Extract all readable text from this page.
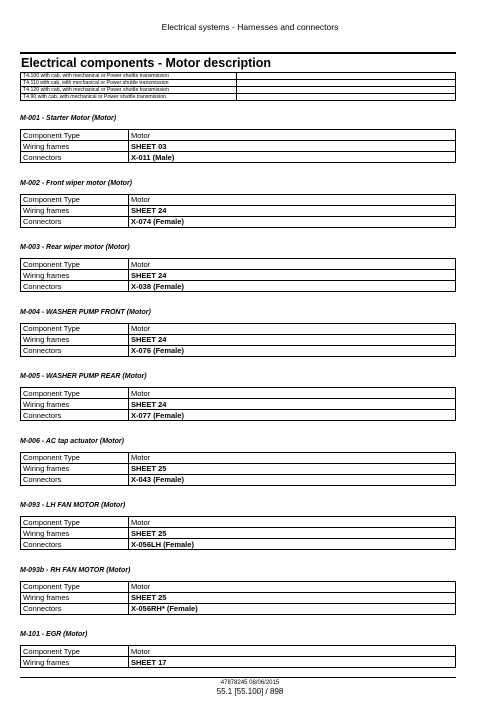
Electrical systems - Harnesses and connectors
Electrical components - Motor description
T4.100 with cab, with mechanical or Power shuttle transmission	
T4.110 with cab, with mechanical or Power shuttle transmission	
T4.120 with cab, with mechanical or Power shuttle transmission	
T4.90 with cab, with mechanical or Power shuttle transmission	
M-001 - Starter Motor (Motor)
Component Type	Motor
Wiring frames	SHEET 03
Connectors	X-011 (Male)
M-002 - Front wiper motor (Motor)
Component Type	Motor
Wiring frames	SHEET 24
Connectors	X-074 (Female)
M-003 - Rear wiper motor (Motor)
Component Type	Motor
Wiring frames	SHEET 24
Connectors	X-038 (Female)
M-004 - WASHER PUMP FRONT (Motor)
Component Type	Motor
Wiring frames	SHEET 24
Connectors	X-076 (Female)
M-005 - WASHER PUMP REAR (Motor)
Component Type	Motor
Wiring frames	SHEET 24
Connectors	X-077 (Female)
M-006 - AC tap actuator (Motor)
Component Type	Motor
Wiring frames	SHEET 25
Connectors	X-043 (Female)
M-093 - LH FAN MOTOR (Motor)
Component Type	Motor
Wiring frames	SHEET 25
Connectors	X-056LH (Female)
M-093b - RH FAN MOTOR (Motor)
Component Type	Motor
Wiring frames	SHEET 25
Connectors	X-056RH* (Female)
M-101 - EGR (Motor)
Component Type	Motor
Wiring frames	SHEET 17
47878245 08/06/2015
55.1 [55.100] / 898
